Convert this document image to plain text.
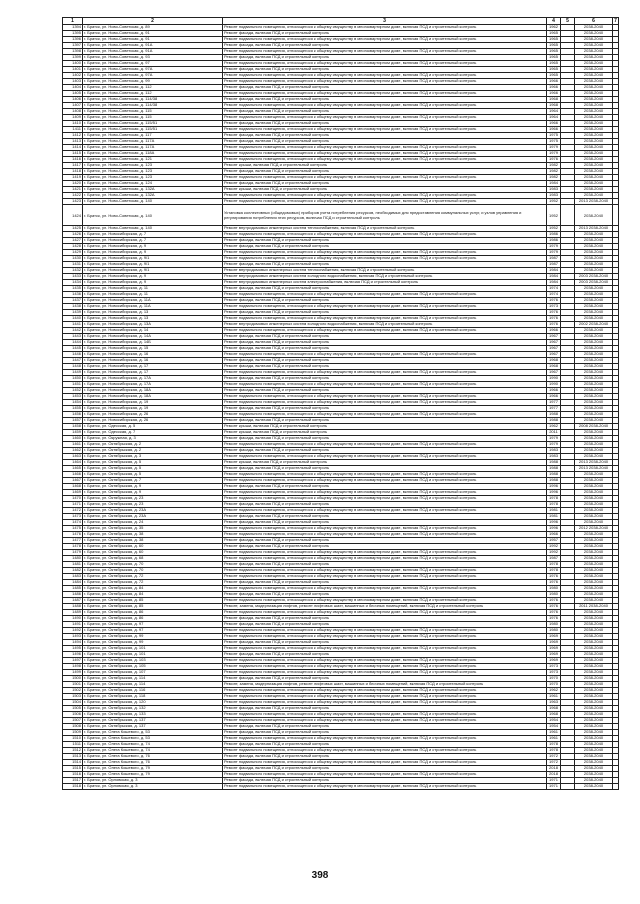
1	2	3	4	5	6	7
1394	г. Братск, ул. Ново-Советская, д. 89	Ремонт подвального помещения, относящегося к общему имуществу в многоквартирном доме, включая ПСД и строительный контроль	1962		2038-2040	
1395	г. Братск, ул. Ново-Советская, д. 91	Ремонт фасада, включая ПСД и строительный контроль	1965		2038-2040	
1396	г. Братск, ул. Ново-Советская, д. 91	Ремонт подвального помещения, относящегося к общему имуществу в многоквартирном доме, включая ПСД и строительный контроль	1965		2038-2040	
1397	г. Братск, ул. Ново-Советская, д. 91А	Ремонт фасада, включая ПСД и строительный контроль	1965		2038-2040	
1398	г. Братск, ул. Ново-Советская, д. 91А	Ремонт подвального помещения, относящегося к общему имуществу в многоквартирном доме, включая ПСД и строительный контроль	1965		2038-2040	
1399	г. Братск, ул. Ново-Советская, д. 93	Ремонт фасада, включая ПСД и строительный контроль	1965		2038-2040	
1400	г. Братск, ул. Ново-Советская, д. 97	Ремонт подвального помещения, относящегося к общему имуществу в многоквартирном доме, включая ПСД и строительный контроль	1965		2038-2040	
1401	г. Братск, ул. Ново-Советская, д. 97А	Ремонт фасада, включая ПСД и строительный контроль	1965		2038-2040	
1402	г. Братск, ул. Ново-Советская, д. 97А	Ремонт подвального помещения, относящегося к общему имуществу в многоквартирном доме, включая ПСД и строительный контроль	1965		2038-2040	
1403	г. Братск, ул. Ново-Советская, д. 99	Ремонт подвального помещения, относящегося к общему имуществу в многоквартирном доме, включая ПСД и строительный контроль	1966		2038-2040	
1404	г. Братск, ул. Ново-Советская, д. 112	Ремонт фасада, включая ПСД и строительный контроль	1966		2038-2040	
1405	г. Братск, ул. Ново-Советская, д. 112	Ремонт подвального помещения, относящегося к общему имуществу в многоквартирном доме, включая ПСД и строительный контроль	1966		2038-2040	
1406	г. Братск, ул. Ново-Советская, д. 114/38	Ремонт фасада, включая ПСД и строительный контроль	1968		2038-2040	
1407	г. Братск, ул. Ново-Советская, д. 114/38	Ремонт подвального помещения, относящегося к общему имуществу в многоквартирном доме, включая ПСД и строительный контроль	1968		2038-2040	
1408	г. Братск, ул. Ново-Советская, д. 115	Ремонт фасада, включая ПСД и строительный контроль	1964		2038-2040	
1409	г. Братск, ул. Ново-Советская, д. 115	Ремонт подвального помещения, относящегося к общему имуществу в многоквартирном доме, включая ПСД и строительный контроль	1964		2038-2040	
1410	г. Братск, ул. Ново-Советская, д. 115/51	Ремонт фасада, включая ПСД и строительный контроль	1966		2038-2040	
1411	г. Братск, ул. Ново-Советская, д. 115/51	Ремонт подвального помещения, относящегося к общему имуществу в многоквартирном доме, включая ПСД и строительный контроль	1966		2038-2040	
1412	г. Братск, ул. Ново-Советская, д. 117	Ремонт фасада, включая ПСД и строительный контроль	1975		2038-2040	
1413	г. Братск, ул. Ново-Советская, д. 117А	Ремонт фасада, включая ПСД и строительный контроль	1975		2038-2040	
1414	г. Братск, ул. Ново-Советская, д. 117А	Ремонт подвального помещения, относящегося к общему имуществу в многоквартирном доме, включая ПСД и строительный контроль	1979		2038-2040	
1415	г. Братск, ул. Ново-Советская, д. 118А	Ремонт подвального помещения, относящегося к общему имуществу в многоквартирном доме, включая ПСД и строительный контроль	1979		2038-2040	
1416	г. Братск, ул. Ново-Советская, д. 121	Ремонт подвального помещения, относящегося к общему имуществу в многоквартирном доме, включая ПСД и строительный контроль	1976		2038-2040	
1417	г. Братск, ул. Ново-Советская, д. 123	Ремонт крыши, включая ПСД и строительный контроль	1982		2038-2040	
1418	г. Братск, ул. Ново-Советская, д. 123	Ремонт фасада, включая ПСД и строительный контроль	1982		2038-2040	
1419	г. Братск, ул. Ново-Советская, д. 123	Ремонт подвального помещения, относящегося к общему имуществу в многоквартирном доме, включая ПСД и строительный контроль	1982		2038-2040	
1420	г. Братск, ул. Ново-Советская, д. 124	Ремонт фасада, включая ПСД и строительный контроль	1984		2038-2040	
1421	г. Братск, ул. Ново-Советская, д. 132А	Ремонт крыши, включая ПСД и строительный контроль	1983		2038-2040	
1422	г. Братск, ул. Ново-Советская, д. 132А	Ремонт подвального помещения, относящегося к общему имуществу в многоквартирном доме, включая ПСД и строительный контроль	1983		2038-2040	
1423	г. Братск, ул. Ново-Советская, д. 140	Ремонт подвального помещения, относящегося к общему имуществу в многоквартирном доме, включая ПСД и строительный контроль	1952		2013 2038-2040	
1424	г. Братск, ул. Ново-Советская, д. 140	Установка коллективных (общедомовых) приборов учета потребления ресурсов, необходимых для предоставления коммунальных услуг, и узлов управления и регулирования потребления этих ресурсов, включая ПСД и строительный контроль	1952		2038-2040	
1425	г. Братск, ул. Ново-Советская, д. 140	Ремонт внутридомовых инженерных систем теплоснабжения, включая ПСД и строительный контроль	1952		2013 2038-2040	
1426	г. Братск, ул. Новосибирская, д. 7	Ремонт подвального помещения, относящегося к общему имуществу в многоквартирном доме, включая ПСД и строительный контроль	1986		2038-2040	
1427	г. Братск, ул. Новосибирская, д. 7	Ремонт фасада, включая ПСД и строительный контроль	1986		2038-2040	
1428	г. Братск, ул. Новосибирская, д. 9	Ремонт фасада, включая ПСД и строительный контроль	1979		2038-2040	
1429	г. Братск, ул. Новосибирская, д. 9	Ремонт подвального помещения, относящегося к общему имуществу в многоквартирном доме, включая ПСД и строительный контроль	1979		2038-2040	
1430	г. Братск, ул. Новосибирская, д. 9/1	Ремонт подвального помещения, относящегося к общему имуществу в многоквартирном доме, включая ПСД и строительный контроль	1987		2038-2040	
1431	г. Братск, ул. Новосибирская, д. 9/1	Ремонт фасада, включая ПСД и строительный контроль	1987		2038-2040	
1432	г. Братск, ул. Новосибирская, д. 9/1	Ремонт внутридомовых инженерных систем теплоснабжения, включая ПСД и строительный контроль	1984		2038-2040	
1433	г. Братск, ул. Новосибирская, д. 9	Ремонт внутридомовых инженерных систем холодного водоснабжения, включая ПСД и строительный контроль	1984		2003 2038-2040	
1434	г. Братск, ул. Новосибирская, д. 9	Ремонт внутридомовых инженерных систем электроснабжения, включая ПСД и строительный контроль	1984		2003 2038-2040	
1435	г. Братск, ул. Новосибирская, д. 11	Ремонт фасада, включая ПСД и строительный контроль	1974		2038-2040	
1436	г. Братск, ул. Новосибирская, д. 11	Ремонт подвального помещения, относящегося к общему имуществу в многоквартирном доме, включая ПСД и строительный контроль	1974		2038-2040	
1437	г. Братск, ул. Новосибирская, д. 11А	Ремонт фасада, включая ПСД и строительный контроль	1976		2038-2040	
1438	г. Братск, ул. Новосибирская, д. 11А	Ремонт подвального помещения, относящегося к общему имуществу в многоквартирном доме, включая ПСД и строительный контроль	1973		2038-2040	
1439	г. Братск, ул. Новосибирская, д. 13	Ремонт фасада, включая ПСД и строительный контроль	1976		2038-2040	
1440	г. Братск, ул. Новосибирская, д. 13	Ремонт подвального помещения, относящегося к общему имуществу в многоквартирном доме, включая ПСД и строительный контроль	1976		2038-2040	
1441	г. Братск, ул. Новосибирская, д. 13А	Ремонт внутридомовых инженерных систем холодного водоснабжения, включая ПСД и строительный контроль	1976		2002 2038-2040	
1442	г. Братск, ул. Новосибирская, д. 14	Ремонт подвального помещения, относящегося к общему имуществу в многоквартирном доме, включая ПСД и строительный контроль	1966		2038-2040	
1443	г. Братск, ул. Новосибирская, д. 14А	Ремонт фасада, включая ПСД и строительный контроль	1967		2038-2040	
1444	г. Братск, ул. Новосибирская, д. 14Б	Ремонт фасада, включая ПСД и строительный контроль	1967		2038-2040	
1445	г. Братск, ул. Новосибирская, д. 15	Ремонт фасада, включая ПСД и строительный контроль	1967		2038-2040	
1446	г. Братск, ул. Новосибирская, д. 16	Ремонт подвального помещения, относящегося к общему имуществу в многоквартирном доме, включая ПСД и строительный контроль	1967		2038-2040	
1447	г. Братск, ул. Новосибирская, д. 16	Ремонт фасада, включая ПСД и строительный контроль	1968		2038-2040	
1448	г. Братск, ул. Новосибирская, д. 17	Ремонт фасада, включая ПСД и строительный контроль	1968		2038-2040	
1449	г. Братск, ул. Новосибирская, д. 17	Ремонт подвального помещения, относящегося к общему имуществу в многоквартирном доме, включая ПСД и строительный контроль	1967		2038-2040	
1450	г. Братск, ул. Новосибирская, д. 17А	Ремонт фасада, включая ПСД и строительный контроль	1990		2038-2040	
1451	г. Братск, ул. Новосибирская, д. 17А	Ремонт подвального помещения, относящегося к общему имуществу в многоквартирном доме, включая ПСД и строительный контроль	1990		2038-2040	
1452	г. Братск, ул. Новосибирская, д. 18А	Ремонт фасада, включая ПСД и строительный контроль	1966		2038-2040	
1453	г. Братск, ул. Новосибирская, д. 18А	Ремонт подвального помещения, относящегося к общему имуществу в многоквартирном доме, включая ПСД и строительный контроль	1966		2038-2040	
1454	г. Братск, ул. Новосибирская, д. 19	Ремонт подвального помещения, относящегося к общему имуществу в многоквартирном доме, включая ПСД и строительный контроль	1977		2038-2040	
1455	г. Братск, ул. Новосибирская, д. 19	Ремонт фасада, включая ПСД и строительный контроль	1977		2038-2040	
1456	г. Братск, ул. Новосибирская, д. 26	Ремонт подвального помещения, относящегося к общему имуществу в многоквартирном доме, включая ПСД и строительный контроль	1988		2038-2040	
1457	г. Братск, ул. Новосибирская, д. 26	Ремонт фасада, включая ПСД и строительный контроль	1988		2038-2040	
1458	г. Братск, ул. Одесская, д. 5	Ремонт крыши, включая ПСД и строительный контроль	1962		2008 2038-2040	
1459	г. Братск, ул. Одесская, д. 7	Ремонт крыши, включая ПСД и строительный контроль	2011		2038-2040	
1460	г. Братск, ул. Окружная, д. 3	Ремонт фасада, включая ПСД и строительный контроль	1979		2038-2040	
1461	г. Братск, ул. Октябрьская, д. 2	Ремонт подвального помещения, относящегося к общему имуществу в многоквартирном доме, включая ПСД и строительный контроль	1979		2038-2040	
1462	г. Братск, ул. Октябрьская, д. 2	Ремонт фасада, включая ПСД и строительный контроль	1983		2038-2040	
1463	г. Братск, ул. Октябрьская, д. 3	Ремонт подвального помещения, относящегося к общему имуществу в многоквартирном доме, включая ПСД и строительный контроль	1983		2038-2040	
1464	г. Братск, ул. Октябрьская, д. 5	Ремонт крыши, включая ПСД и строительный контроль	1988		2013 2038-2040	
1465	г. Братск, ул. Октябрьская, д. 5	Ремонт фасада, включая ПСД и строительный контроль	1988		2013 2038-2040	
1466	г. Братск, ул. Октябрьская, д. 5	Ремонт подвального помещения, относящегося к общему имуществу в многоквартирном доме, включая ПСД и строительный контроль	1988		2038-2040	
1467	г. Братск, ул. Октябрьская, д. 7	Ремонт подвального помещения, относящегося к общему имуществу в многоквартирном доме, включая ПСД и строительный контроль	1988		2038-2040	
1468	г. Братск, ул. Октябрьская, д. 9	Ремонт фасада, включая ПСД и строительный контроль	1996		2038-2040	
1469	г. Братск, ул. Октябрьская, д. 9	Ремонт подвального помещения, относящегося к общему имуществу в многоквартирном доме, включая ПСД и строительный контроль	1996		2038-2040	
1470	г. Братск, ул. Октябрьская, д. 23	Ремонт подвального помещения, относящегося к общему имуществу в многоквартирном доме, включая ПСД и строительный контроль	1978		2038-2040	
1471	г. Братск, ул. Октябрьская, д. 23	Ремонт фасада, включая ПСД и строительный контроль	1978		2038-2040	
1472	г. Братск, ул. Октябрьская, д. 23А	Ремонт подвального помещения, относящегося к общему имуществу в многоквартирном доме, включая ПСД и строительный контроль	1981		2038-2040	
1473	г. Братск, ул. Октябрьская, д. 23А	Ремонт фасада, включая ПСД и строительный контроль	1981		2038-2040	
1474	г. Братск, ул. Октябрьская, д. 24	Ремонт фасада, включая ПСД и строительный контроль	1996		2038-2040	
1475	г. Братск, ул. Октябрьская, д. 35	Ремонт подвального помещения, относящегося к общему имуществу в многоквартирном доме, включая ПСД и строительный контроль	1996		2012 2038-2040	
1476	г. Братск, ул. Октябрьская, д. 38	Ремонт подвального помещения, относящегося к общему имуществу в многоквартирном доме, включая ПСД и строительный контроль	1966		2038-2040	
1477	г. Братск, ул. Октябрьская, д. 38	Ремонт фасада, включая ПСД и строительный контроль	1957		2038-2040	
1478	г. Братск, ул. Октябрьская, д. 60	Ремонт фасада, включая ПСД и строительный контроль	1992		2038-2040	
1479	г. Братск, ул. Октябрьская, д. 60	Ремонт подвального помещения, относящегося к общему имуществу в многоквартирном доме, включая ПСД и строительный контроль	1992		2038-2040	
1480	г. Братск, ул. Октябрьская, д. 68	Ремонт подвального помещения, относящегося к общему имуществу в многоквартирном доме, включая ПСД и строительный контроль	1987		2038-2040	
1481	г. Братск, ул. Октябрьская, д. 70	Ремонт фасада, включая ПСД и строительный контроль	1978		2038-2040	
1482	г. Братск, ул. Октябрьская, д. 70	Ремонт подвального помещения, относящегося к общему имуществу в многоквартирном доме, включая ПСД и строительный контроль	1978		2038-2040	
1483	г. Братск, ул. Октябрьская, д. 72	Ремонт подвального помещения, относящегося к общему имуществу в многоквартирном доме, включая ПСД и строительный контроль	1976		2038-2040	
1484	г. Братск, ул. Октябрьская, д. 72	Ремонт фасада, включая ПСД и строительный контроль	1976		2038-2040	
1485	г. Братск, ул. Октябрьская, д. 84	Ремонт подвального помещения, относящегося к общему имуществу в многоквартирном доме, включая ПСД и строительный контроль	1980		2038-2040	
1486	г. Братск, ул. Октябрьская, д. 84	Ремонт фасада, включая ПСД и строительный контроль	1980		2038-2040	
1487	г. Братск, ул. Октябрьская, д. 85	Ремонт подвального помещения, относящегося к общему имуществу в многоквартирном доме, включая ПСД и строительный контроль	1976		2038-2040	
1488	г. Братск, ул. Октябрьская, д. 85	Ремонт, замена, модернизация лифтов, ремонт лифтовых шахт, машинных и блочных помещений, включая ПСД и строительный контроль	1976		2011 2038-2040	
1489	г. Братск, ул. Октябрьская, д. 86	Ремонт подвального помещения, относящегося к общему имуществу в многоквартирном доме, включая ПСД и строительный контроль	1976		2038-2040	
1490	г. Братск, ул. Октябрьская, д. 86	Ремонт фасада, включая ПСД и строительный контроль	1976		2038-2040	
1491	г. Братск, ул. Октябрьская, д. 97	Ремонт фасада, включая ПСД и строительный контроль	1980		2038-2040	
1492	г. Братск, ул. Октябрьская, д. 97	Ремонт подвального помещения, относящегося к общему имуществу в многоквартирном доме, включая ПСД и строительный контроль	1980		2038-2040	
1493	г. Братск, ул. Октябрьская, д. 99	Ремонт подвального помещения, относящегося к общему имуществу в многоквартирном доме, включая ПСД и строительный контроль	1969		2038-2040	
1494	г. Братск, ул. Октябрьская, д. 99	Ремонт фасада, включая ПСД и строительный контроль	1969		2038-2040	
1495	г. Братск, ул. Октябрьская, д. 101	Ремонт подвального помещения, относящегося к общему имуществу в многоквартирном доме, включая ПСД и строительный контроль	1969		2038-2040	
1496	г. Братск, ул. Октябрьская, д. 101	Ремонт фасада, включая ПСД и строительный контроль	1969		2038-2040	
1497	г. Братск, ул. Октябрьская, д. 103	Ремонт подвального помещения, относящегося к общему имуществу в многоквартирном доме, включая ПСД и строительный контроль	1969		2038-2040	
1498	г. Братск, ул. Октябрьская, д. 105	Ремонт подвального помещения, относящегося к общему имуществу в многоквартирном доме, включая ПСД и строительный контроль	1973		2038-2040	
1499	г. Братск, ул. Октябрьская, д. 107	Ремонт подвального помещения, относящегося к общему имуществу в многоквартирном доме, включая ПСД и строительный контроль	1973		2038-2040	
1500	г. Братск, ул. Октябрьская, д. 114	Ремонт фасада, включая ПСД и строительный контроль	1970		2038-2040	
1501	г. Братск, ул. Октябрьская, д. 114	Ремонт, замена, модернизация лифтов, ремонт лифтовых шахт, машинных и блочных помещений, включая ПСД и строительный контроль	1970		2038-2040	
1502	г. Братск, ул. Октябрьская, д. 116	Ремонт подвального помещения, относящегося к общему имуществу в многоквартирном доме, включая ПСД и строительный контроль	1962		2038-2040	
1503	г. Братск, ул. Октябрьская, д. 118	Ремонт подвального помещения, относящегося к общему имуществу в многоквартирном доме, включая ПСД и строительный контроль	1961		2038-2040	
1504	г. Братск, ул. Октябрьская, д. 120	Ремонт подвального помещения, относящегося к общему имуществу в многоквартирном доме, включая ПСД и строительный контроль	1963		2038-2040	
1505	г. Братск, ул. Октябрьская, д. 132	Ремонт фасада, включая ПСД и строительный контроль	1968		2038-2040	
1506	г. Братск, ул. Октябрьская, д. 133	Ремонт подвального помещения, относящегося к общему имуществу в многоквартирном доме, включая ПСД и строительный контроль	1968		2038-2040	
1507	г. Братск, ул. Октябрьская, д. 137	Ремонт подвального помещения, относящегося к общему имуществу в многоквартирном доме, включая ПСД и строительный контроль	1954		2038-2040	
1508	г. Братск, ул. Октябрьская, д. 137	Ремонт фасада, включая ПСД и строительный контроль	1954		2038-2040	
1509	г. Братск, ул. Олега Кошевого, д. 53	Ремонт фасада, включая ПСД и строительный контроль	1961		2038-2040	
1510	г. Братск, ул. Олега Кошевого, д. 53	Ремонт подвального помещения, относящегося к общему имуществу в многоквартирном доме, включая ПСД и строительный контроль	1961		2038-2040	
1511	г. Братск, ул. Олега Кошевого, д. 74	Ремонт фасада, включая ПСД и строительный контроль	1978		2038-2040	
1512	г. Братск, ул. Олега Кошевого, д. 74	Ремонт подвального помещения, относящегося к общему имуществу в многоквартирном доме, включая ПСД и строительный контроль	1978		2038-2040	
1513	г. Братск, ул. Олега Кошевого, д. 76	Ремонт фасада, включая ПСД и строительный контроль	1972		2038-2040	
1514	г. Братск, ул. Олега Кошевого, д. 76	Ремонт подвального помещения, относящегося к общему имуществу в многоквартирном доме, включая ПСД и строительный контроль	1972		2038-2040	
1515	г. Братск, ул. Олега Кошевого, д. 79	Ремонт фасада, включая ПСД и строительный контроль	2018		2038-2040	
1516	г. Братск, ул. Олега Кошевого, д. 79	Ремонт подвального помещения, относящегося к общему имуществу в многоквартирном доме, включая ПСД и строительный контроль	2018		2038-2040	
1517	г. Братск, ул. Орловская, д. 3	Ремонт фасада, включая ПСД и строительный контроль	1971		2038-2040	
1518	г. Братск, ул. Орловская, д. 3	Ремонт подвального помещения, относящегося к общему имуществу в многоквартирном доме, включая ПСД и строительный контроль	1971		2038-2040	
398
